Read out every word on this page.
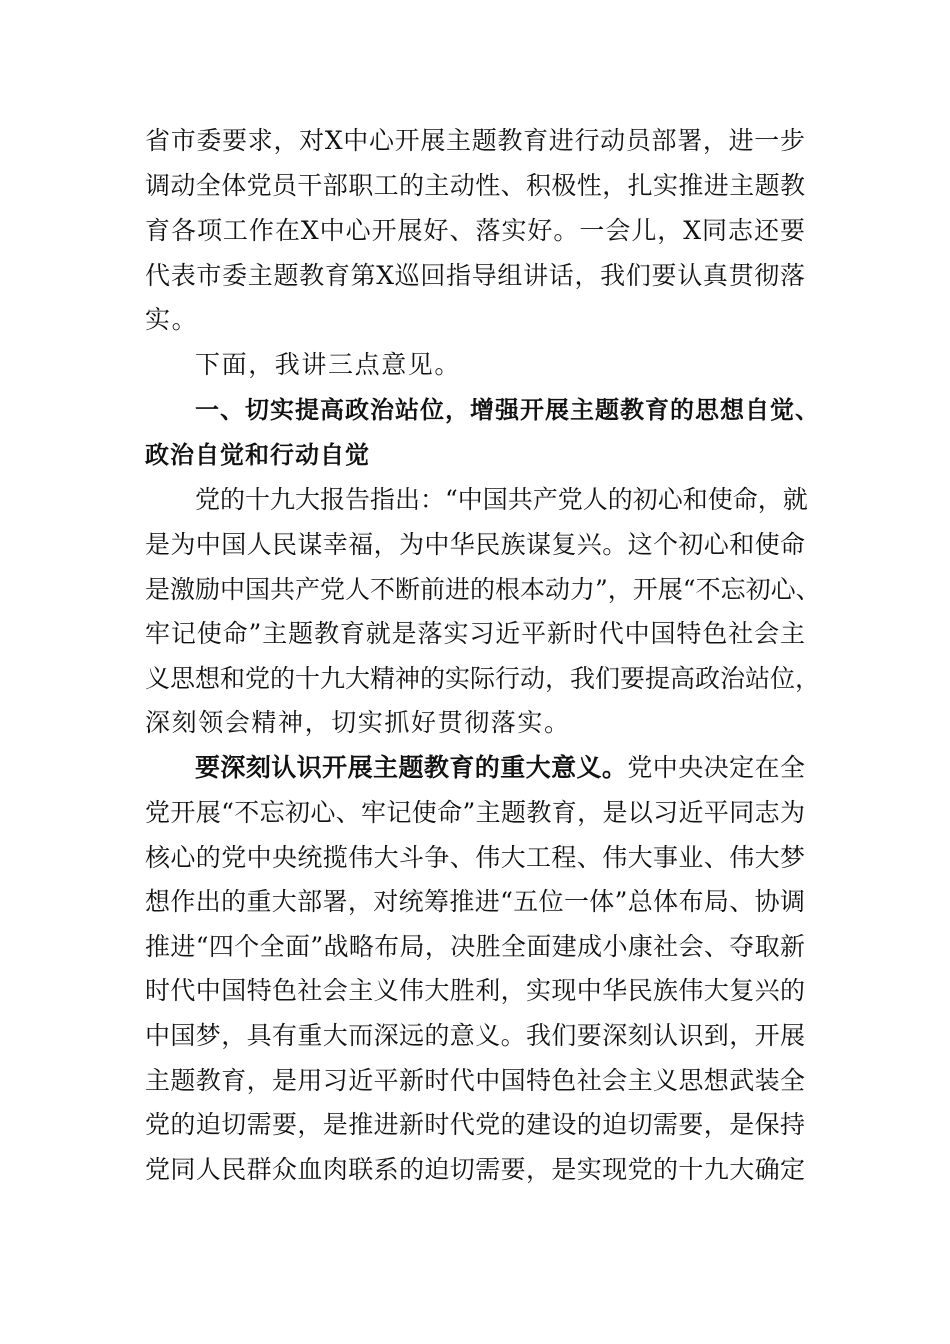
省市委要求，对X中心开展主题教育进行动员部署，进一步
调动全体党员干部职工的主动性、积极性，扎实推进主题教
育各项工作在X中心开展好、落实好。一会儿，X同志还要
代表市委主题教育第X巡回指导组讲话，我们要认真贯彻落
实。
下面，我讲三点意见。
一、切实提高政治站位，增强开展主题教育的思想自觉、
政治自觉和行动自觉
党的十九大报告指出：“中国共产党人的初心和使命，就
是为中国人民谋幸福，为中华民族谋复兴。这个初心和使命
是激励中国共产党人不断前进的根本动力”，开展“不忘初心、
牢记使命”主题教育就是落实习近平新时代中国特色社会主
义思想和党的十九大精神的实际行动，我们要提高政治站位，
深刻领会精神，切实抓好贯彻落实。
要深刻认识开展主题教育的重大意义。党中央决定在全
党开展“不忘初心、牢记使命”主题教育，是以习近平同志为
核心的党中央统揽伟大斗争、伟大工程、伟大事业、伟大梦
想作出的重大部署，对统筹推进“五位一体”总体布局、协调
推进“四个全面”战略布局，决胜全面建成小康社会、夺取新
时代中国特色社会主义伟大胜利，实现中华民族伟大复兴的
中国梦，具有重大而深远的意义。我们要深刻认识到，开展
主题教育，是用习近平新时代中国特色社会主义思想武装全
党的迫切需要，是推进新时代党的建设的迫切需要，是保持
党同人民群众血肉联系的迫切需要，是实现党的十九大确定
